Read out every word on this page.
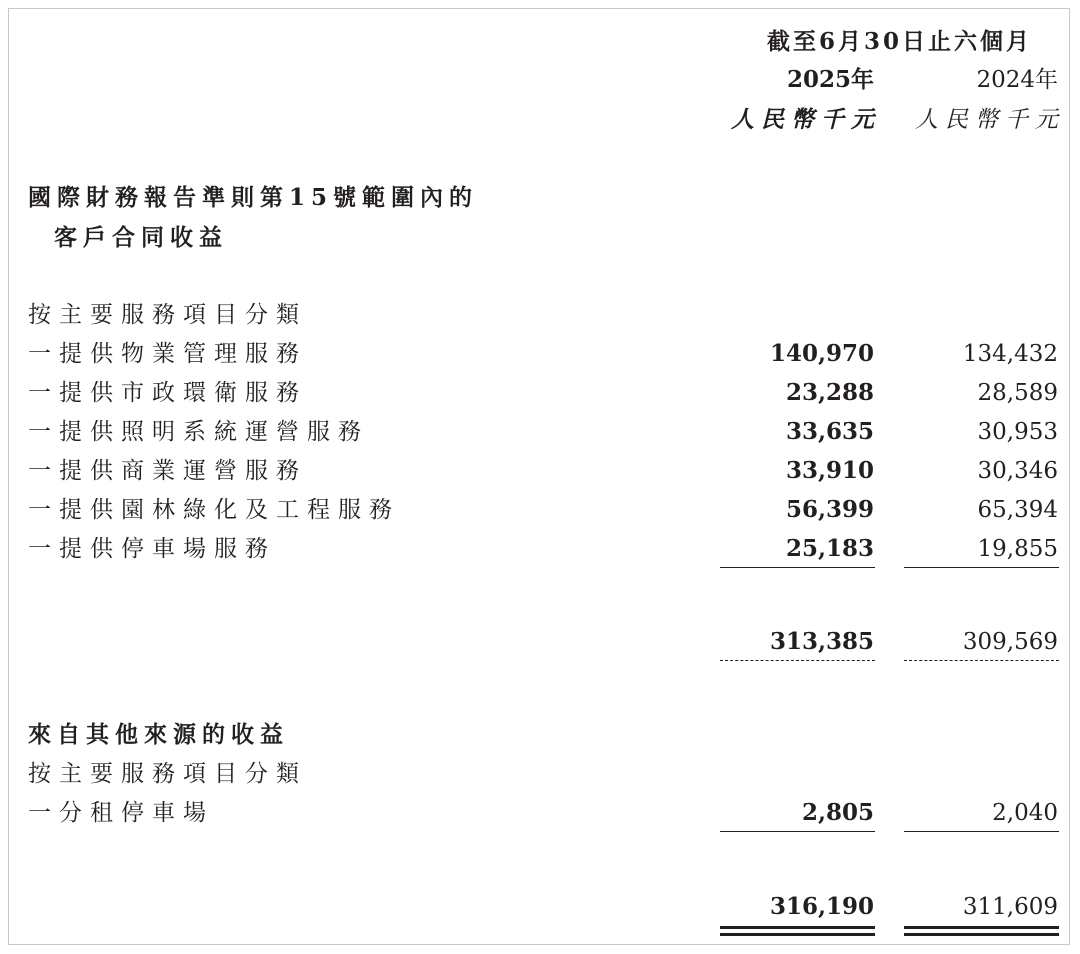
截至6月30日止六個月
2025年	2024年
人民幣千元 人民幣千元
國際財務報告準則第15號範圍內的
客戶合同收益
按主要服務項目分類
一提供物業管理服務	140,970	134,432
一提供市政環衛服務	23,288	28,589
一提供照明系統運營服務	33,635	30,953
一提供商業運營服務	33,910	30,346
一提供園林綠化及工程服務	56,399	65,394
一提供停車場服務	25,183	19,855
313,385	309,569
來自其他來源的收益
按主要服務項目分類
一分租停車場	2,805	2,040
316,190	311,609
